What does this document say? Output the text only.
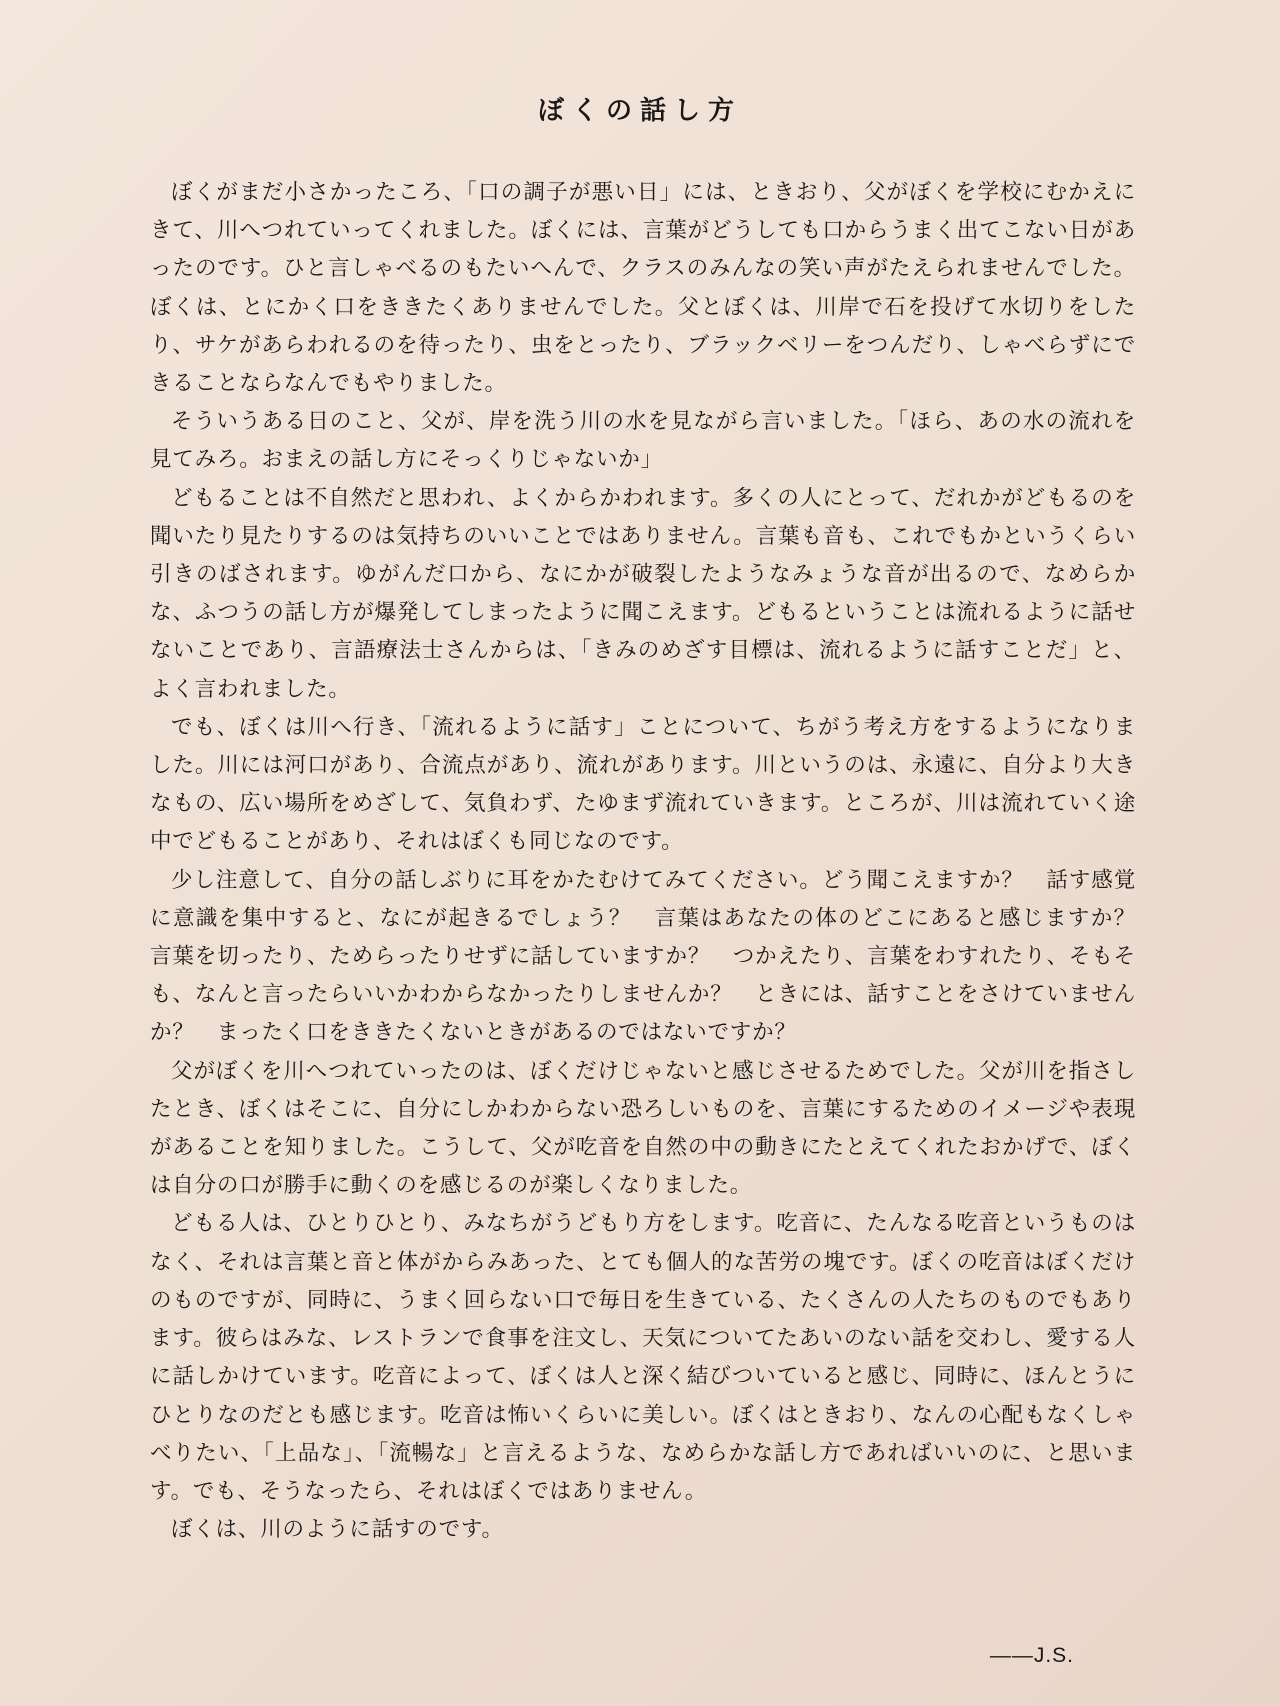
ぼくの話し方

ぼくがまだ小さかったころ、「口の調子が悪い日」には、ときおり、父がぼくを学校にむかえにきて、川へつれていってくれました。ぼくには、言葉がどうしても口からうまく出てこない日があったのです。ひと言しゃべるのもたいへんで、クラスのみんなの笑い声がたえられませんでした。ぼくは、とにかく口をききたくありませんでした。父とぼくは、川岸で石を投げて水切りをしたり、サケがあらわれるのを待ったり、虫をとったり、ブラックベリーをつんだり、しゃべらずにできることならなんでもやりました。

そういうある日のこと、父が、岸を洗う川の水を見ながら言いました。「ほら、あの水の流れを見てみろ。おまえの話し方にそっくりじゃないか」

どもることは不自然だと思われ、よくからかわれます。多くの人にとって、だれかがどもるのを聞いたり見たりするのは気持ちのいいことではありません。言葉も音も、これでもかというくらい引きのばされます。ゆがんだ口から、なにかが破裂したようなみょうな音が出るので、なめらかな、ふつうの話し方が爆発してしまったように聞こえます。どもるということは流れるように話せないことであり、言語療法士さんからは、「きみのめざす目標は、流れるように話すことだ」と、よく言われました。

でも、ぼくは川へ行き、「流れるように話す」ことについて、ちがう考え方をするようになりました。川には河口があり、合流点があり、流れがあります。川というのは、永遠に、自分より大きなもの、広い場所をめざして、気負わず、たゆまず流れていきます。ところが、川は流れていく途中でどもることがあり、それはぼくも同じなのです。

少し注意して、自分の話しぶりに耳をかたむけてみてください。どう聞こえますか？　話す感覚に意識を集中すると、なにが起きるでしょう？　言葉はあなたの体のどこにあると感じますか？　言葉を切ったり、ためらったりせずに話していますか？　つかえたり、言葉をわすれたり、そもそも、なんと言ったらいいかわからなかったりしませんか？　ときには、話すことをさけていませんか？　まったく口をききたくないときがあるのではないですか？

父がぼくを川へつれていったのは、ぼくだけじゃないと感じさせるためでした。父が川を指さしたとき、ぼくはそこに、自分にしかわからない恐ろしいものを、言葉にするためのイメージや表現があることを知りました。こうして、父が吃音を自然の中の動きにたとえてくれたおかげで、ぼくは自分の口が勝手に動くのを感じるのが楽しくなりました。

どもる人は、ひとりひとり、みなちがうどもり方をします。吃音に、たんなる吃音というものはなく、それは言葉と音と体がからみあった、とても個人的な苦労の塊です。ぼくの吃音はぼくだけのものですが、同時に、うまく回らない口で毎日を生きている、たくさんの人たちのものでもあります。彼らはみな、レストランで食事を注文し、天気についてたあいのない話を交わし、愛する人に話しかけています。吃音によって、ぼくは人と深く結びついていると感じ、同時に、ほんとうにひとりなのだとも感じます。吃音は怖いくらいに美しい。ぼくはときおり、なんの心配もなくしゃべりたい、「上品な」、「流暢な」と言えるような、なめらかな話し方であればいいのに、と思います。でも、そうなったら、それはぼくではありません。

ぼくは、川のように話すのです。

――J.S.
